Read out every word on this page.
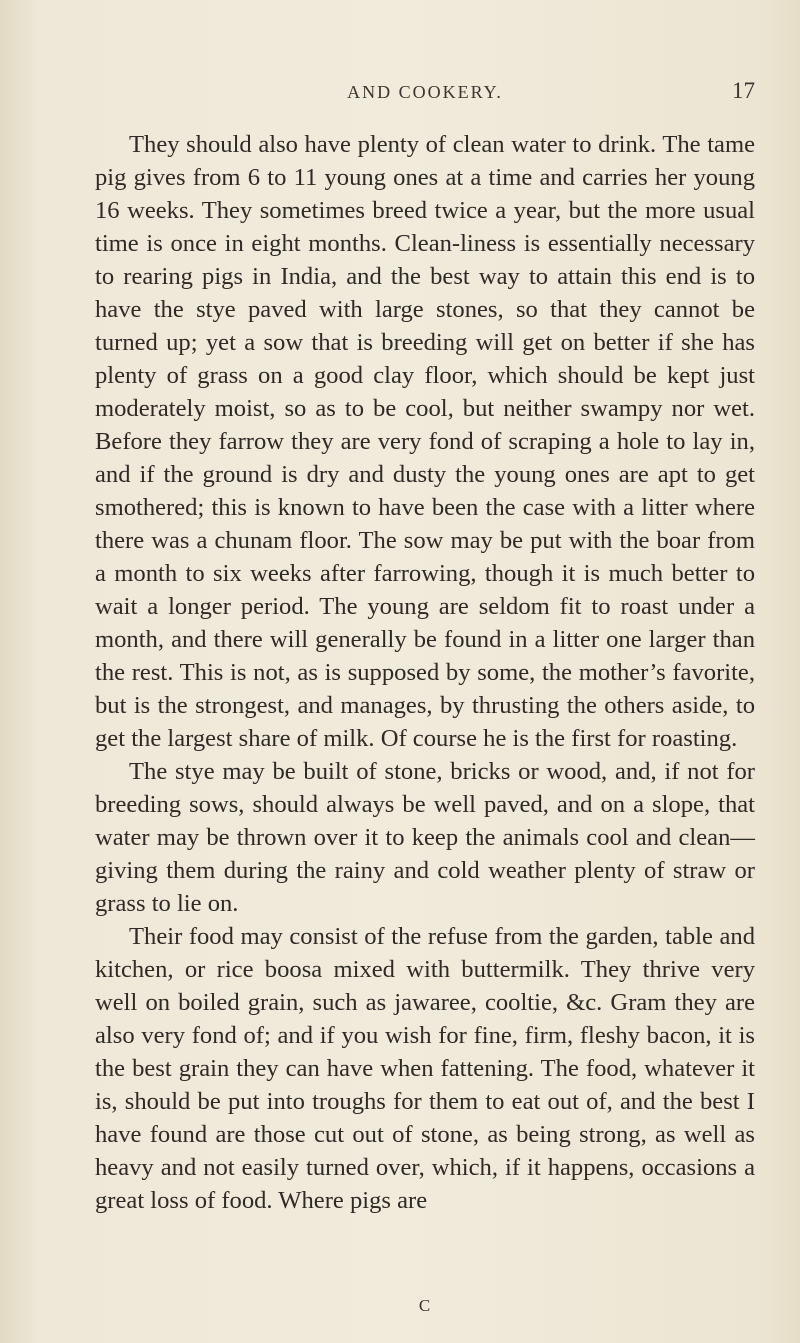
AND COOKERY.	17

They should also have plenty of clean water to drink. The tame pig gives from 6 to 11 young ones at a time and carries her young 16 weeks. They sometimes breed twice a year, but the more usual time is once in eight months. Clean-liness is essentially necessary to rearing pigs in India, and the best way to attain this end is to have the stye paved with large stones, so that they cannot be turned up; yet a sow that is breeding will get on better if she has plenty of grass on a good clay floor, which should be kept just moderately moist, so as to be cool, but neither swampy nor wet. Before they farrow they are very fond of scraping a hole to lay in, and if the ground is dry and dusty the young ones are apt to get smothered; this is known to have been the case with a litter where there was a chunam floor. The sow may be put with the boar from a month to six weeks after farrowing, though it is much better to wait a longer period. The young are seldom fit to roast under a month, and there will generally be found in a litter one larger than the rest. This is not, as is supposed by some, the mother’s favorite, but is the strongest, and manages, by thrusting the others aside, to get the largest share of milk. Of course he is the first for roasting.

The stye may be built of stone, bricks or wood, and, if not for breeding sows, should always be well paved, and on a slope, that water may be thrown over it to keep the animals cool and clean—giving them during the rainy and cold weather plenty of straw or grass to lie on.

Their food may consist of the refuse from the garden, table and kitchen, or rice boosa mixed with buttermilk. They thrive very well on boiled grain, such as jawaree, cooltie, &c. Gram they are also very fond of; and if you wish for fine, firm, fleshy bacon, it is the best grain they can have when fattening. The food, whatever it is, should be put into troughs for them to eat out of, and the best I have found are those cut out of stone, as being strong, as well as heavy and not easily turned over, which, if it happens, occasions a great loss of food. Where pigs are

C
